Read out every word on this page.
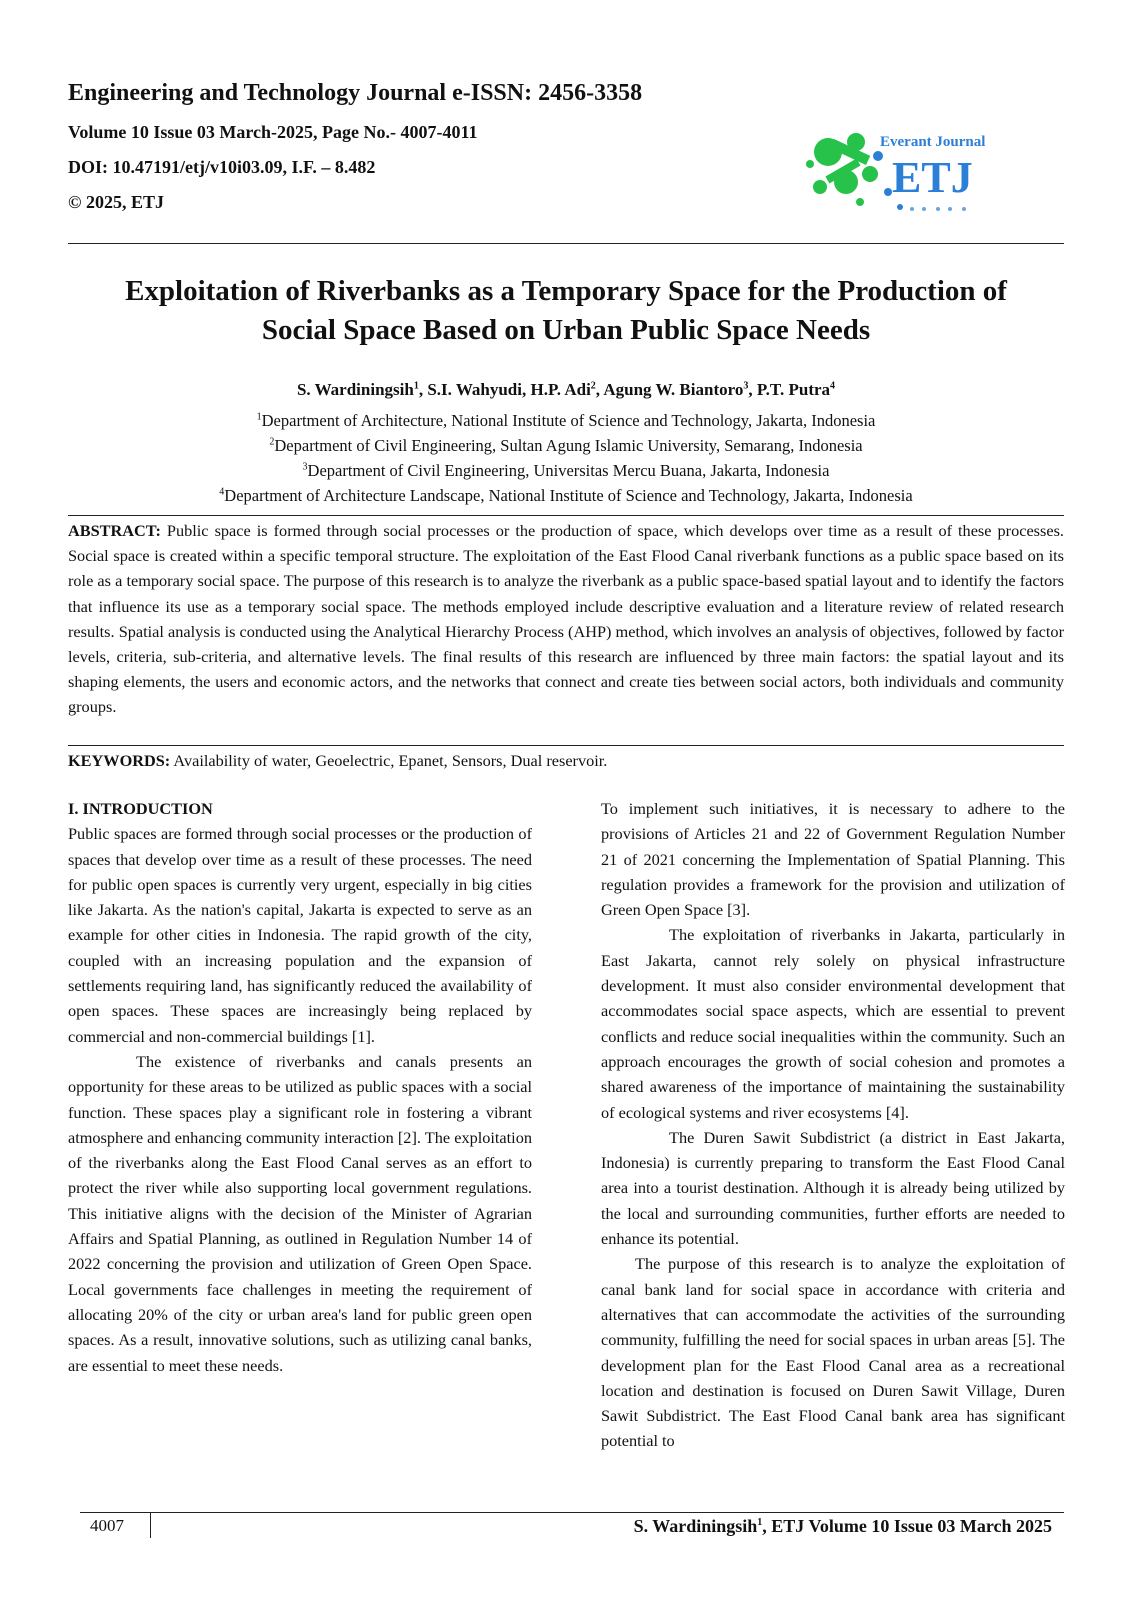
Engineering and Technology Journal e-ISSN: 2456-3358

Volume 10 Issue 03 March-2025, Page No.- 4007-4011

DOI: 10.47191/etj/v10i03.09, I.F. – 8.482

© 2025, ETJ

Everant Journal
ETJ
Exploitation of Riverbanks as a Temporary Space for the Production of
Social Space Based on Urban Public Space Needs
S. Wardiningsih$^1$, S.I. Wahyudi, H.P. Adi$^2$, Agung W. Biantoro$^3$, P.T. Putra$^4$
$^1$Department of Architecture, National Institute of Science and Technology, Jakarta, Indonesia
$^2$Department of Civil Engineering, Sultan Agung Islamic University, Semarang, Indonesia
$^3$Department of Civil Engineering, Universitas Mercu Buana, Jakarta, Indonesia
$^4$Department of Architecture Landscape, National Institute of Science and Technology, Jakarta, Indonesia

ABSTRACT: Public space is formed through social processes or the production of space, which develops over time as a result of these processes. Social space is created within a specific temporal structure. The exploitation of the East Flood Canal riverbank functions as a public space based on its role as a temporary social space. The purpose of this research is to analyze the riverbank as a public space-based spatial layout and to identify the factors that influence its use as a temporary social space. The methods employed include descriptive evaluation and a literature review of related research results. Spatial analysis is conducted using the Analytical Hierarchy Process (AHP) method, which involves an analysis of objectives, followed by factor levels, criteria, sub-criteria, and alternative levels. The final results of this research are influenced by three main factors: the spatial layout and its shaping elements, the users and economic actors, and the networks that connect and create ties between social actors, both individuals and community groups.

KEYWORDS: Availability of water, Geoelectric, Epanet, Sensors, Dual reservoir.

I. INTRODUCTION

Public spaces are formed through social processes or the production of spaces that develop over time as a result of these processes. The need for public open spaces is currently very urgent, especially in big cities like Jakarta. As the nation's capital, Jakarta is expected to serve as an example for other cities in Indonesia. The rapid growth of the city, coupled with an increasing population and the expansion of settlements requiring land, has significantly reduced the availability of open spaces. These spaces are increasingly being replaced by commercial and non-commercial buildings [1].

The existence of riverbanks and canals presents an opportunity for these areas to be utilized as public spaces with a social function. These spaces play a significant role in fostering a vibrant atmosphere and enhancing community interaction [2]. The exploitation of the riverbanks along the East Flood Canal serves as an effort to protect the river while also supporting local government regulations. This initiative aligns with the decision of the Minister of Agrarian Affairs and Spatial Planning, as outlined in Regulation Number 14 of 2022 concerning the provision and utilization of Green Open Space. Local governments face challenges in meeting the requirement of allocating 20% of the city or urban area's land for public green open spaces. As a result, innovative solutions, such as utilizing canal banks, are essential to meet these needs.

To implement such initiatives, it is necessary to adhere to the provisions of Articles 21 and 22 of Government Regulation Number 21 of 2021 concerning the Implementation of Spatial Planning. This regulation provides a framework for the provision and utilization of Green Open Space [3].

The exploitation of riverbanks in Jakarta, particularly in East Jakarta, cannot rely solely on physical infrastructure development. It must also consider environmental development that accommodates social space aspects, which are essential to prevent conflicts and reduce social inequalities within the community. Such an approach encourages the growth of social cohesion and promotes a shared awareness of the importance of maintaining the sustainability of ecological systems and river ecosystems [4].

The Duren Sawit Subdistrict (a district in East Jakarta, Indonesia) is currently preparing to transform the East Flood Canal area into a tourist destination. Although it is already being utilized by the local and surrounding communities, further efforts are needed to enhance its potential.

The purpose of this research is to analyze the exploitation of canal bank land for social space in accordance with criteria and alternatives that can accommodate the activities of the surrounding community, fulfilling the need for social spaces in urban areas [5]. The development plan for the East Flood Canal area as a recreational location and destination is focused on Duren Sawit Village, Duren Sawit Subdistrict. The East Flood Canal bank area has significant potential to

4007	S. Wardiningsih$^1$, ETJ Volume 10 Issue 03 March 2025
